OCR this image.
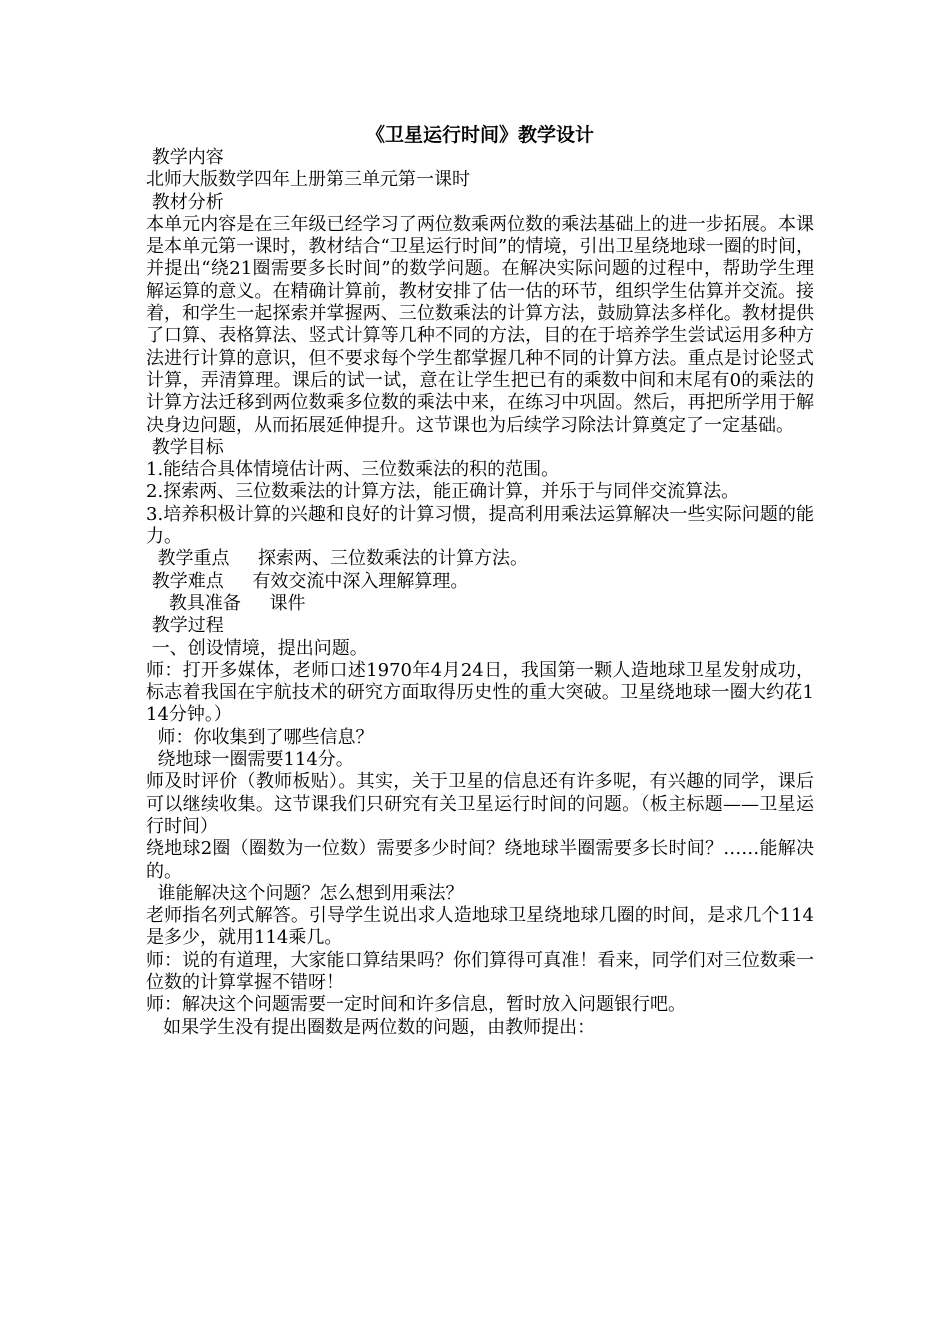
《卫星运行时间》教学设计

教学内容

北师大版数学四年上册第三单元第一课时

教材分析

本单元内容是在三年级已经学习了两位数乘两位数的乘法基础上的进一步拓展。本课是本单元第一课时，教材结合“卫星运行时间”的情境，引出卫星绕地球一圈的时间，并提出“绕21圈需要多长时间”的数学问题。在解决实际问题的过程中，帮助学生理解运算的意义。在精确计算前，教材安排了估一估的环节，组织学生估算并交流。接着，和学生一起探索并掌握两、三位数乘法的计算方法，鼓励算法多样化。教材提供了口算、表格算法、竖式计算等几种不同的方法，目的在于培养学生尝试运用多种方法进行计算的意识，但不要求每个学生都掌握几种不同的计算方法。重点是讨论竖式计算，弄清算理。课后的试一试，意在让学生把已有的乘数中间和末尾有0的乘法的计算方法迁移到两位数乘多位数的乘法中来，在练习中巩固。然后，再把所学用于解决身边问题，从而拓展延伸提升。这节课也为后续学习除法计算奠定了一定基础。

教学目标

1.能结合具体情境估计两、三位数乘法的积的范围。

2.探索两、三位数乘法的计算方法，能正确计算，并乐于与同伴交流算法。

3.培养积极计算的兴趣和良好的计算习惯，提高利用乘法运算解决一些实际问题的能力。

教学重点     探索两、三位数乘法的计算方法。

教学难点     有效交流中深入理解算理。

教具准备     课件

教学过程

一、创设情境，提出问题。

师：打开多媒体，老师口述1970年4月24日，我国第一颗人造地球卫星发射成功，标志着我国在宇航技术的研究方面取得历史性的重大突破。卫星绕地球一圈大约花114分钟。）

师：你收集到了哪些信息？

绕地球一圈需要114分。

师及时评价（教师板贴）。其实，关于卫星的信息还有许多呢，有兴趣的同学，课后可以继续收集。这节课我们只研究有关卫星运行时间的问题。（板主标题——卫星运行时间）

绕地球2圈（圈数为一位数）需要多少时间？绕地球半圈需要多长时间？……能解决的。

谁能解决这个问题？怎么想到用乘法？

老师指名列式解答。引导学生说出求人造地球卫星绕地球几圈的时间，是求几个114是多少，就用114乘几。

师：说的有道理，大家能口算结果吗？你们算得可真准！看来，同学们对三位数乘一位数的计算掌握不错呀！

师：解决这个问题需要一定时间和许多信息，暂时放入问题银行吧。

如果学生没有提出圈数是两位数的问题，由教师提出：
